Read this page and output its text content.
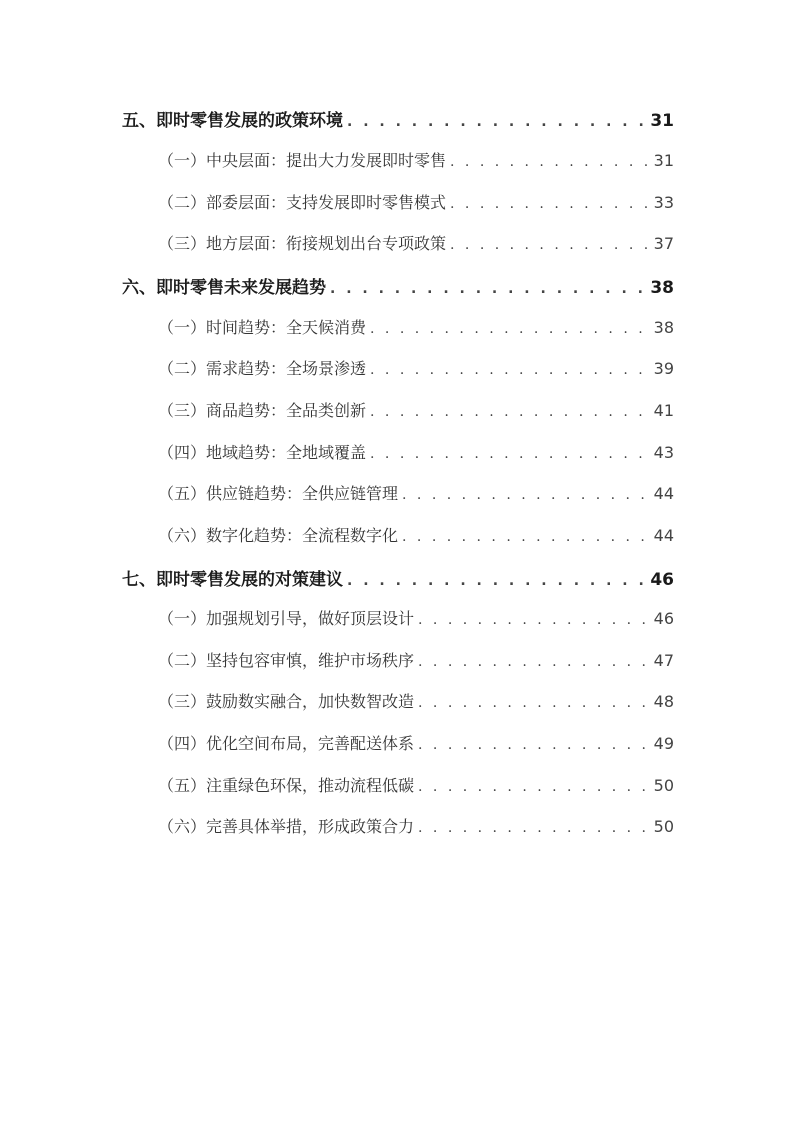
五、即时零售发展的政策环境 . . .	31
（一）中央层面：提出大力发展即时零售 . . .	31
（二）部委层面：支持发展即时零售模式 . . .	33
（三）地方层面：衔接规划出台专项政策 . . .	37
六、即时零售未来发展趋势 . . .	38
（一）时间趋势：全天候消费 . . .	38
（二）需求趋势：全场景渗透 . . .	39
（三）商品趋势：全品类创新 . . .	41
（四）地域趋势：全地域覆盖 . . .	43
（五）供应链趋势：全供应链管理 . . .	44
（六）数字化趋势：全流程数字化 . . .	44
七、即时零售发展的对策建议 . . .	46
（一）加强规划引导，做好顶层设计 . . .	46
（二）坚持包容审慎，维护市场秩序 . . .	47
（三）鼓励数实融合，加快数智改造 . . .	48
（四）优化空间布局，完善配送体系 . . .	49
（五）注重绿色环保，推动流程低碳 . . .	50
（六）完善具体举措，形成政策合力 . . .	50
